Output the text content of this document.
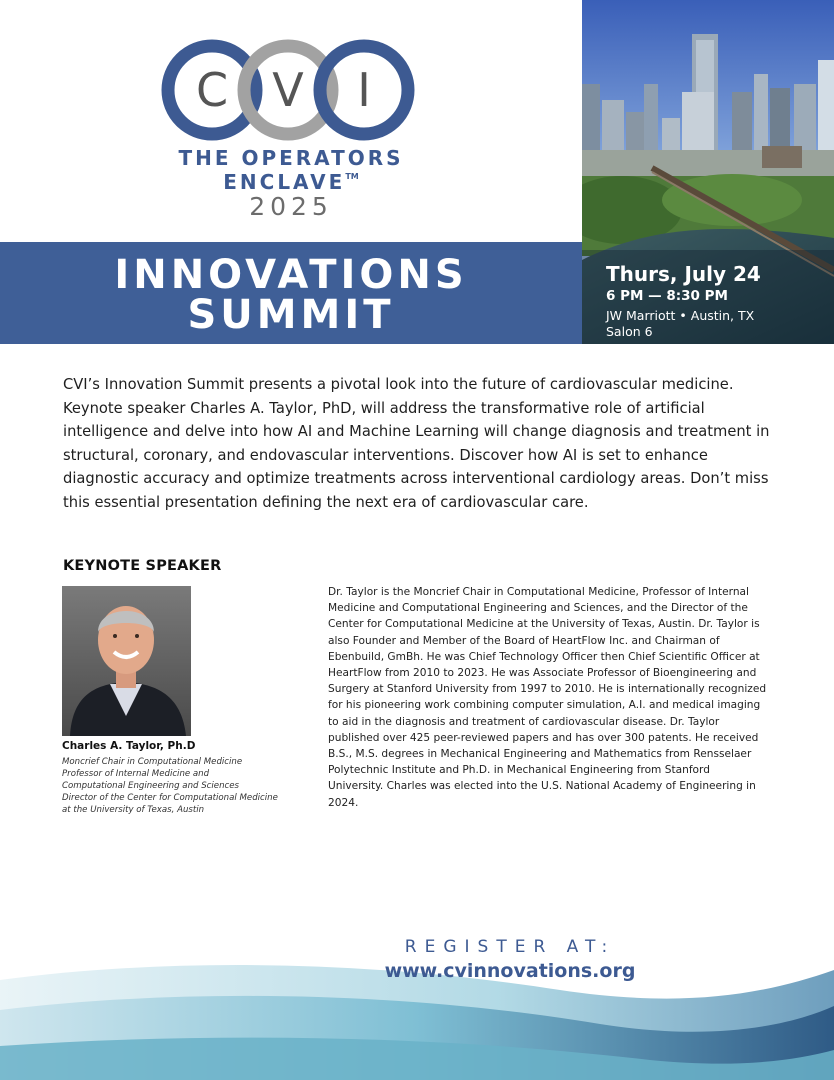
C V I
THE OPERATORS
ENCLAVE™
2025
INNOVATIONS
SUMMIT
Thurs, July 24
6 PM — 8:30 PM
JW Marriott • Austin, TX
Salon 6

CVI’s Innovation Summit presents a pivotal look into the future of cardiovascular medicine. Keynote speaker Charles A. Taylor, PhD, will address the transformative role of artificial intelligence and delve into how AI and Machine Learning will change diagnosis and treatment in structural, coronary, and endovascular interventions. Discover how AI is set to enhance diagnostic accuracy and optimize treatments across interventional cardiology areas. Don’t miss this essential presentation defining the next era of cardiovascular care.

KEYNOTE SPEAKER
Charles A. Taylor, Ph.D
Moncrief Chair in Computational Medicine
Professor of Internal Medicine and
Computational Engineering and Sciences
Director of the Center for Computational Medicine
at the University of Texas, Austin

Dr. Taylor is the Moncrief Chair in Computational Medicine, Professor of Internal Medicine and Computational Engineering and Sciences, and the Director of the Center for Computational Medicine at the University of Texas, Austin. Dr. Taylor is also Founder and Member of the Board of HeartFlow Inc. and Chairman of Ebenbuild, GmBh. He was Chief Technology Officer then Chief Scientific Officer at HeartFlow from 2010 to 2023. He was Associate Professor of Bioengineering and Surgery at Stanford University from 1997 to 2010. He is internationally recognized for his pioneering work combining computer simulation, A.I. and medical imaging to aid in the diagnosis and treatment of cardiovascular disease. Dr. Taylor published over 425 peer-reviewed papers and has over 300 patents. He received B.S., M.S. degrees in Mechanical Engineering and Mathematics from Rensselaer Polytechnic Institute and Ph.D. in Mechanical Engineering from Stanford University. Charles was elected into the U.S. National Academy of Engineering in 2024.

REGISTER AT:
www.cvinnovations.org
